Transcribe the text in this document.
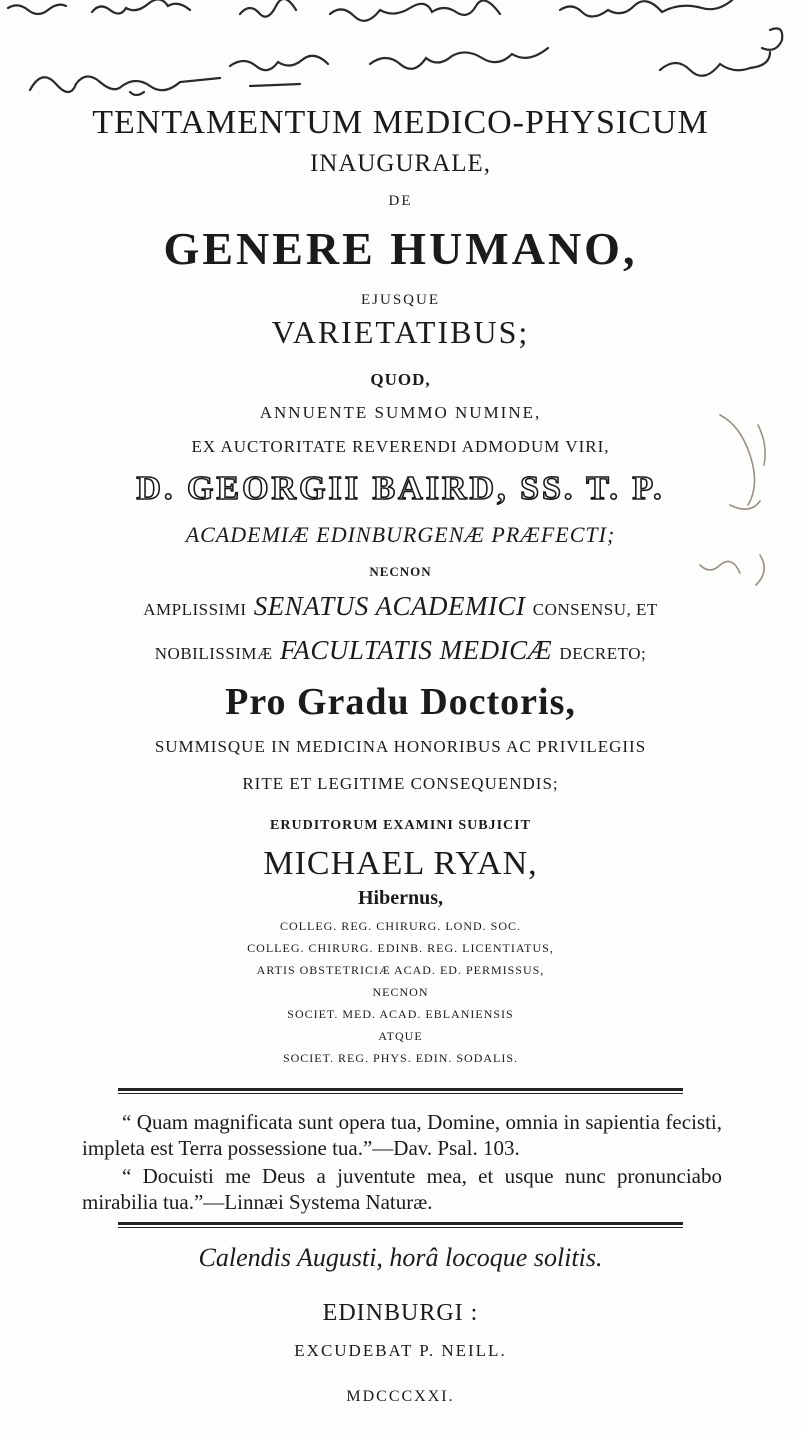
TENTAMENTUM MEDICO-PHYSICUM
INAUGURALE,
DE
GENERE HUMANO,
EJUSQUE
VARIETATIBUS;
QUOD,
ANNUENTE SUMMO NUMINE,
EX AUCTORITATE REVERENDI ADMODUM VIRI,
D. GEORGII BAIRD, SS. T. P.
ACADEMIÆ EDINBURGENÆ PRÆFECTI;
NECNON
AMPLISSIMI SENATUS ACADEMICI CONSENSU, ET
NOBILISSIMÆ FACULTATIS MEDICÆ DECRETO;
Pro Gradu Doctoris,
SUMMISQUE IN MEDICINA HONORIBUS AC PRIVILEGIIS
RITE ET LEGITIME CONSEQUENDIS;
ERUDITORUM EXAMINI SUBJICIT
MICHAEL RYAN,
Hibernus,
COLLEG. REG. CHIRURG. LOND. SOC.
COLLEG. CHIRURG. EDINB. REG. LICENTIATUS,
ARTIS OBSTETRICIÆ ACAD. ED. PERMISSUS,
NECNON
SOCIET. MED. ACAD. EBLANIENSIS
ATQUE
SOCIET. REG. PHYS. EDIN. SODALIS.
“ Quam magnificata sunt opera tua, Domine, omnia in sapientia fecisti, impleta est Terra possessione tua.”—Dav. Psal. 103.
“ Docuisti me Deus a juventute mea, et usque nunc pronunciabo mirabilia tua.”—Linnæi Systema Naturæ.
Calendis Augusti, horâ locoque solitis.
EDINBURGI :
EXCUDEBAT P. NEILL.
MDCCCXXI.
